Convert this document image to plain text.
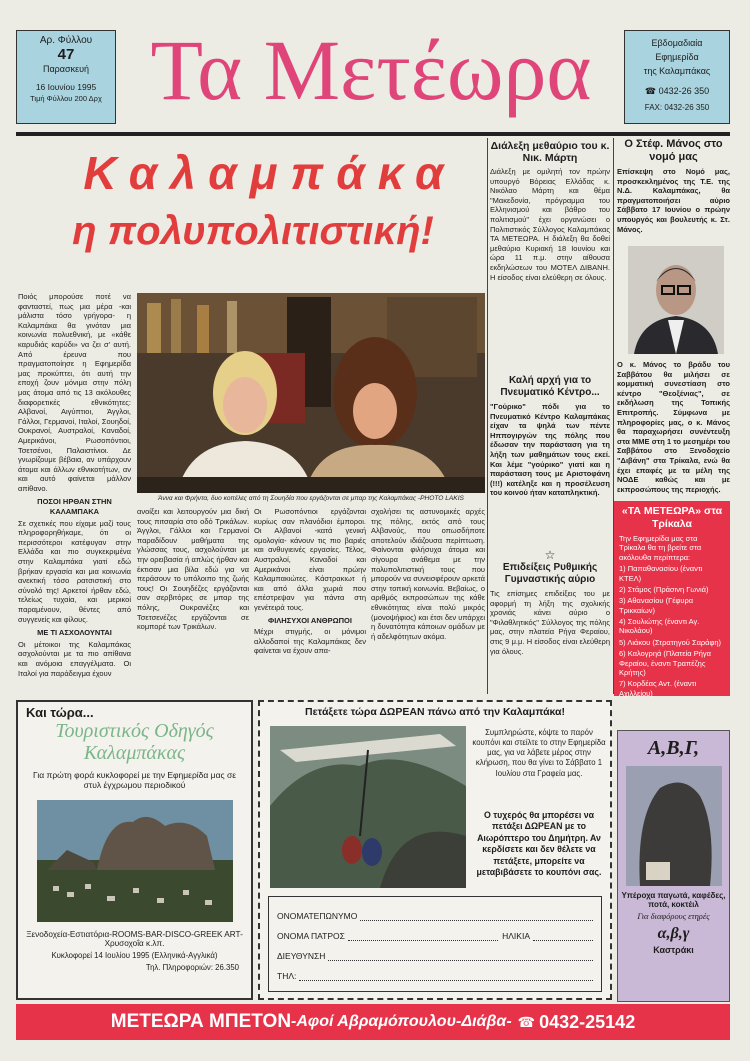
Αρ. Φύλλου
47
Παρασκευή
16 Ιουνίου 1995
Τιμή Φύλλου 200 Δρχ Τα Μετέωρα	Εβδομαδιαία
Εφημερίδα
της Καλαμπάκας
☎ 0432-26 350
FAX: 0432-26 350
Καλαμπάκα
η πολυπολιτιστική!

Ποιός μπορούσε ποτέ να φανταστεί, πως μια μέρα -και μάλιστα τόσο γρήγορα- η Καλαμπάκα θα γινόταν μια κοινωνία πολυεθνική, με «κάθε καρυδιάς καρύδι» να ζει σ' αυτή. Από έρευνα που πραγματοποίησε η Εφημερίδα μας προκύπτει, ότι αυτή την εποχή ζουν μόνιμα στην πόλη μας άτομα από τις 13 ακόλουθες διαφορετικές εθνικότητες: Αλβανοί, Αιγύπτιοι, Άγγλοι, Γάλλοι, Γερμανοί, Ιταλοί, Σουηδοί, Ουκρανοί, Αυστραλοί, Καναδοί, Αμερικάνοι, Ρωσοπόντιοι, Τσετσένοι, Παλαιστίνιοι. Δε γνωρίζουμε βέβαια, αν υπάρχουν άτομα και άλλων εθνικοτήτων, αν και αυτό φαίνεται μάλλον απίθανο.

ΠΟΣΟΙ ΗΡΘΑΝ ΣΤΗΝ ΚΑΛΑΜΠΑΚΑ

Σε σχετικές που είχαμε μαζί τους πληροφορηθήκαμε, ότι οι περισσότεροι κατέφυγαν στην Ελλάδα και πιο συγκεκριμένα στην Καλαμπάκα γιατί εδώ βρήκαν εργασία και μια κοινωνία ανεκτική τόσο ρατσιστική στο σύνολό της! Αρκετοί ήρθαν εδώ, τελείως τυχαία, και μερικοί παραμένουν, θέντες από συγγενείς και φίλους.

ΜΕ ΤΙ ΑΣΧΟΛΟΥΝΤΑΙ

Οι μέτοικοι της Καλαμπάκας ασχολούνται με τα πιο απίθανα και ανόμοια επαγγέλματα. Οι Ιταλοί για παράδειγμα έχουν

Άννα και Φρήντα, δυο κοπέλες από τη Σουηδία που εργάζονται σε μπαρ της Καλαμπάκας -PHOTO LAKIS

ανοίξει και λειτουργούν μια δική τους πιτσαρία στο οδό Τρικάλων. Άγγλοι, Γάλλοι και Γερμανοί παραδίδουν μαθήματα της γλώσσας τους, ασχολούνται με την ορειβασία ή απλώς ήρθαν και έκτισαν μια βίλα εδώ για να περάσουν το υπόλοιπο της ζωής τους! Οι Σουηδέζες εργάζονται σαν σερβιτόρες σε μπαρ της πόλης, Ουκρανέζες και Τσετσενέζες εργάζονται σε κομπορέ των Τρικάλων.

Οι Ρωσοπόντιοι εργάζονται κυρίως σαν πλανόδιοι έμποροι. Οι Αλβανοί -κατά γενική ομολογία- κάνουν τις πιο βαριές και ανθυγιεινές εργασίες. Τέλος, Αυστραλοί, Καναδοί και Αμερικάνοι είναι πρώην Καλαμπακιώτες. Κάστρακιωτ ή και από άλλα χωριά που επέστρεψαν για πάντα στη γενέτειρά τους.

ΦΙΛΗΣΥΧΟΙ ΑΝΘΡΩΠΟΙ

Μέχρι στιγμής, οι μόνιμοι αλλοδαποί της Καλαμπάκας δεν φαίνεται να έχουν απα-

σχολήσει τις αστυνομικές αρχές της πόλης, εκτός από τους Αλβανούς, που οπωσδήποτε αποτελούν ιδιάζουσα περίπτωση. Φαίνονται φιλήσυχα άτομα και σίγουρα ανάθεμα με την πολυπολιτιστική τους που μπορούν να συνεισφέρουν αρκετά στην τοπική κοινωνία. Βεβαίως, ο αριθμός εκπροσώπων της κάθε εθνικότητας είναι πολύ μικρός (μονοψήφιος) και έτσι δεν υπάρχει η δυνατότητα κάποιων ομάδων με ή αδελφότητων ακόμα.

Διάλεξη μεθαύριο του κ. Νικ. Μάρτη

Διάλεξη με ομιλητή τον πρώην υπουργό Βόρειας Ελλάδας κ. Νικόλαο Μάρτη και θέμα "Μακεδονία, πρόγραμμα του Ελληνισμού και βάθρο του πολιτισμού" έχει οργανώσει ο Πολιτιστικός Σύλλογος Καλαμπάκας ΤΑ ΜΕΤΕΩΡΑ. Η διάλεξη θα δοθεί μεθαύριο Κυριακή 18 Ιουνίου και ώρα 11 π.μ. στην αίθουσα εκδηλώσεων του ΜΟΤΕΛ ΔΙΒΑΝΗ. Η είσοδος είναι ελεύθερη σε όλους.

Καλή αρχή για το Πνευματικό Κέντρο...

"Γούρικο" πόδι για το Πνευματικό Κέντρο Καλαμπάκας είχαν τα ψηλά των πέντε Ηππογιργών της πόλης που έδωσαν την παράσταση για τη λήξη των μαθημάτων τους εκεί. Και λέμε "γούρικο" γιατί και η παράσταση τους με Αριστοφάνη (!!!) κατέληξε και η προσέλευση του κοινού ήταν καταπληκτική.

☆
Επιδείξεις Ρυθμικής Γυμναστικής αύριο

Τις επίσημες επιδείξεις του με αφορμή τη λήξη της σχολικής χρονιάς κάνει αύριο ο "Φιλαθλητικός" Σύλλογος της πόλης μας, στην πλατεία Ρήγα Φεραίου, στις 9 μ.μ. Η είσοδος είναι ελεύθερη για όλους.

Ο Στέφ. Μάνος στο νομό μας

Επίσκεψη στο Νομό μας, προσκεκλημένος της Τ.Ε. της Ν.Δ. Καλαμπάκας, θα πραγματοποιήσει αύριο Σάββατο 17 Ιουνίου ο πρώην υπουργός και βουλευτής κ. Στ. Μάνος.

Ο κ. Μάνος το βράδυ του Σαββάτου θα μιλήσει σε κομματική συνεστίαση στο κέντρο "Θεοξένιας", σε εκδήλωση της Τοπικής Επιτροπής. Σύμφωνα με πληροφορίες μας, ο κ. Μάνος θα παραχωρήσει συνέντευξη στα ΜΜΕ στη 1 το μεσημέρι του Σαββάτου στο Ξενοδοχείο "Διβάνη" στα Τρίκαλα, ενώ θα έχει επαφές με τα μέλη της ΝΟΔΕ καθώς και με εκπροσώπους της περιοχής.

«ΤΑ ΜΕΤΕΩΡΑ» στα Τρίκαλα

Την Εφημερίδα μας στα Τρίκαλα θα τη βρείτε στα ακόλουθα περίπτερα:

1) Παπαθανασίου (έναντι ΚΤΕΛ)
2) Στάμος (Πράσινη Γωνιά)
3) Αθανασίου (Γέφυρα Τρικκαίων)
4) Σουλιώτης (έναντι Αγ. Νικολάου)
5) Λιάκου (Στρατηγού Σαράφη)
6) Καλογρηά (Πλατεία Ρήγα Φεραίου, έναντι Τραπέζης Κρήτης)
7) Κορδέας Αντ. (έναντι Αχιλλείου)
Και τώρα...
Τουριστικός Οδηγός
Καλαμπάκας
Για πρώτη φορά κυκλοφορεί με την Εφημερίδα μας σε στυλ έγχρωμου περιοδικού
Ξενοδοχεία-Εστιατόρια-ROOMS-BAR-DISCO-GREEK ART-Χρυσοχοΐα κ.λπ.
Κυκλοφορεί 14 Ιουλίου 1995 (Ελληνικά-Αγγλικά)
Τηλ. Πληροφοριών: 26.350
Πετάξετε τώρα ΔΩΡΕΑΝ πάνω από την Καλαμπάκα!
Συμπληρώστε, κόψτε το παρόν κουπόνι και στείλτε το στην Εφημερίδα μας, για να λάβετε μέρος στην κλήρωση, που θα γίνει το Σάββατο 1 Ιουλίου στα Γραφεία μας.
Ο τυχερός θα μπορέσει να πετάξει ΔΩΡΕΑΝ με το Αιωρόπτερο του Δημήτρη. Αν κερδίσετε και δεν θέλετε να πετάξετε, μπορείτε να μεταβιβάσετε το κουπόνι σας.
ΟΝΟΜΑΤΕΠΩΝΥΜΟ
ΟΝΟΜΑ ΠΑΤΡΟΣ	ΗΛΙΚΙΑ
ΔΙΕΥΘΥΝΣΗ
ΤΗΛ:
Α,Β,Γ,
Υπέροχα παγωτά, καφέδες, ποτά, κοκτέιλ
Για διαφόρους ετηρές
α,β,γ
Καστράκι
ΜΕΤΕΩΡΑ ΜΠΕΤΟΝ -Αφοί Αβραμόπουλου-Διάβα- ☎ 0432-25142
